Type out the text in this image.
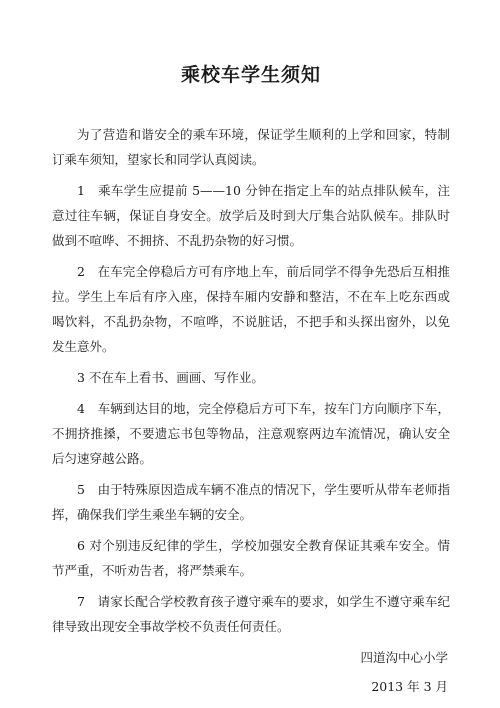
乘校车学生须知

为了营造和谐安全的乘车环境，保证学生顺利的上学和回家，特制订乘车须知，望家长和同学认真阅读。

1　乘车学生应提前 5——10 分钟在指定上车的站点排队候车，注意过往车辆，保证自身安全。放学后及时到大厅集合站队候车。排队时做到不喧哗、不拥挤、不乱扔杂物的好习惯。

2　在车完全停稳后方可有序地上车，前后同学不得争先恐后互相推拉。学生上车后有序入座，保持车厢内安静和整洁，不在车上吃东西或喝饮料，不乱扔杂物，不喧哗，不说脏话，不把手和头探出窗外，以免发生意外。

3 不在车上看书、画画、写作业。

4　车辆到达目的地，完全停稳后方可下车，按车门方向顺序下车，不拥挤推搡，不要遗忘书包等物品，注意观察两边车流情况，确认安全后匀速穿越公路。

5　由于特殊原因造成车辆不准点的情况下，学生要听从带车老师指挥，确保我们学生乘坐车辆的安全。

6 对个别违反纪律的学生，学校加强安全教育保证其乘车安全。情节严重，不听劝告者，将严禁乘车。

7　请家长配合学校教育孩子遵守乘车的要求，如学生不遵守乘车纪律导致出现安全事故学校不负责任何责任。

四道沟中心小学
2013 年 3 月
